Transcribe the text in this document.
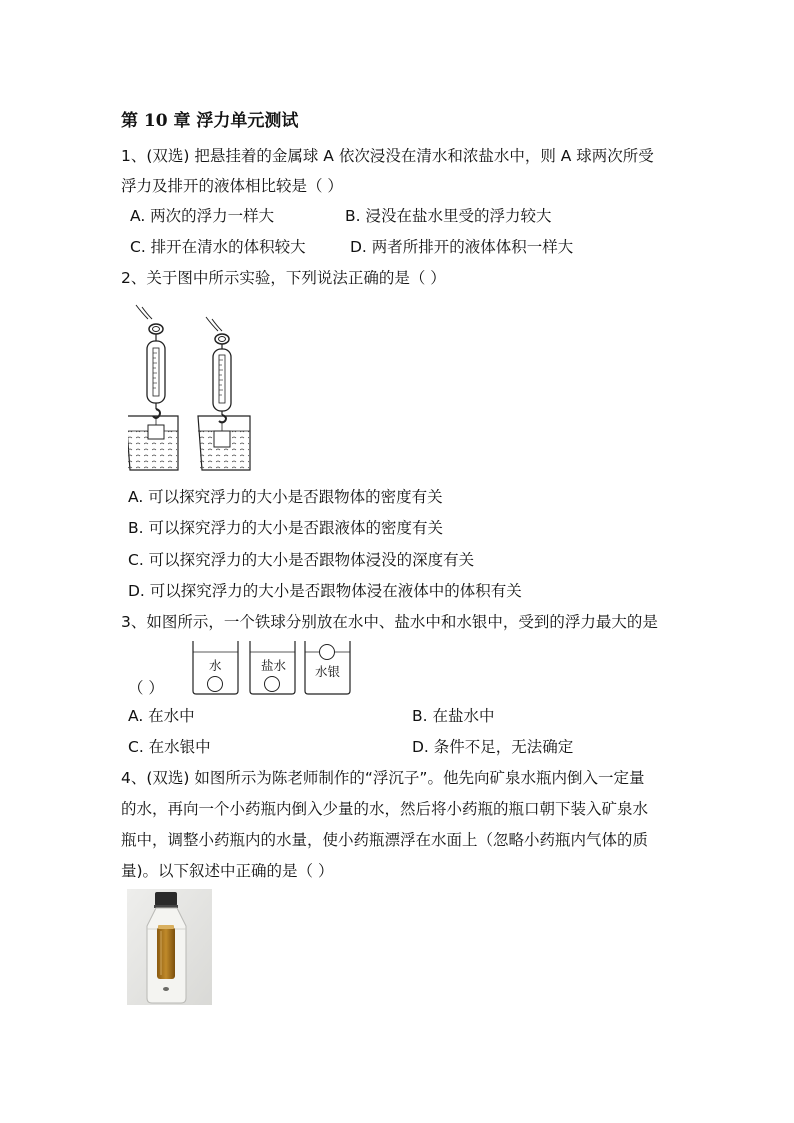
第 10 章 浮力单元测试
1、(双选) 把悬挂着的金属球 A 依次浸没在清水和浓盐水中，则 A 球两次所受
浮力及排开的液体相比较是（ ）
A. 两次的浮力一样大	B. 浸没在盐水里受的浮力较大
C. 排开在清水的体积较大	D. 两者所排开的液体体积一样大
2、关于图中所示实验，下列说法正确的是（ ）
A. 可以探究浮力的大小是否跟物体的密度有关
B. 可以探究浮力的大小是否跟液体的密度有关
C. 可以探究浮力的大小是否跟物体浸没的深度有关
D. 可以探究浮力的大小是否跟物体浸在液体中的体积有关
3、如图所示，一个铁球分别放在水中、盐水中和水银中，受到的浮力最大的是
水	盐水 水银
（ ）
A. 在水中	B. 在盐水中
C. 在水银中	D. 条件不足，无法确定
4、(双选) 如图所示为陈老师制作的“浮沉子”。他先向矿泉水瓶内倒入一定量
的水，再向一个小药瓶内倒入少量的水，然后将小药瓶的瓶口朝下装入矿泉水
瓶中，调整小药瓶内的水量，使小药瓶漂浮在水面上（忽略小药瓶内气体的质
量)。以下叙述中正确的是（ ）
